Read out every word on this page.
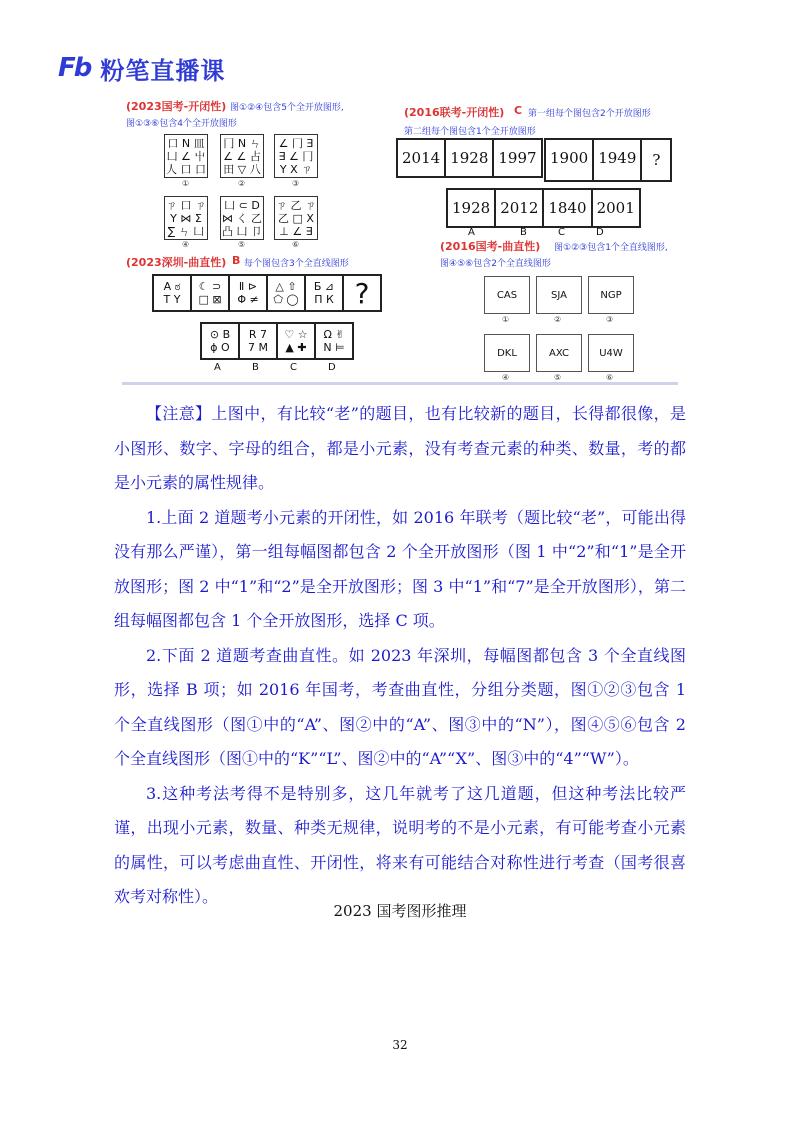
Fb 粉笔直播课
(2023国考-开闭性) 图①②④包含5个全开放图形,
图①③⑥包含4个全开放图形
口 N 皿
凵 ∠ 屮
人 口 口
冂 N ㄣ
∠ ∠ 占
田 ▽ 八
∠ 冂 Ǝ
∃ ∠ 冂
Y X ㄗ
①	②	③
ㄗ 口 ㄗ
Y ⋈ Σ
∑ ㄣ 凵
凵 ⊂ D
⋈ く 乙
凸 凵 卩
ㄗ 乙 ㄗ
乙 □ X
⊥ ∠ ∃
④	⑤	⑥
(2016联考-开闭性) C 第一组每个图包含2个开放图形
第二组每个图包含1个全开放图形
2014 1928 1997 1900 1949	?
1928 2012 1840 2001
A	B	C	D
(2023深圳-曲直性) B 每个图包含3个全直线图形
A ಠ
T Y
☾ ⊃
□ ⊠
Ⅱ ⊳
Φ ≠
△ ⇧
⬠ ◯
Б ⊿
П К ?
⊙ B
ϕ O
R 7
7 M
♡ ☆
▲ ✚
Ω ✌
N ⊨
A	B	C	D
(2016国考-曲直性) 图①②③包含1个全直线图形,
图④⑤⑥包含2个全直线图形
CAS	SJA	NGP
①	②	③
DKL	AXC	U4W
④	⑤	⑥

【注意】上图中，有比较“老”的题目，也有比较新的题目，长得都很像，是小图形、数字、字母的组合，都是小元素，没有考查元素的种类、数量，考的都是小元素的属性规律。

1.上面 2 道题考小元素的开闭性，如 2016 年联考（题比较“老”，可能出得没有那么严谨），第一组每幅图都包含 2 个全开放图形（图 1 中“2”和“1”是全开放图形；图 2 中“1”和“2”是全开放图形；图 3 中“1”和“7”是全开放图形），第二组每幅图都包含 1 个全开放图形，选择 C 项。

2.下面 2 道题考查曲直性。如 2023 年深圳，每幅图都包含 3 个全直线图形，选择 B 项；如 2016 年国考，考查曲直性，分组分类题，图①②③包含 1 个全直线图形（图①中的“A”、图②中的“A”、图③中的“N”），图④⑤⑥包含 2 个全直线图形（图①中的“K”“L”、图②中的“A”“X”、图③中的“4”“W”）。

3.这种考法考得不是特别多，这几年就考了这几道题，但这种考法比较严谨，出现小元素，数量、种类无规律，说明考的不是小元素，有可能考查小元素的属性，可以考虑曲直性、开闭性，将来有可能结合对称性进行考查（国考很喜欢考对称性）。

2023 国考图形推理
32
